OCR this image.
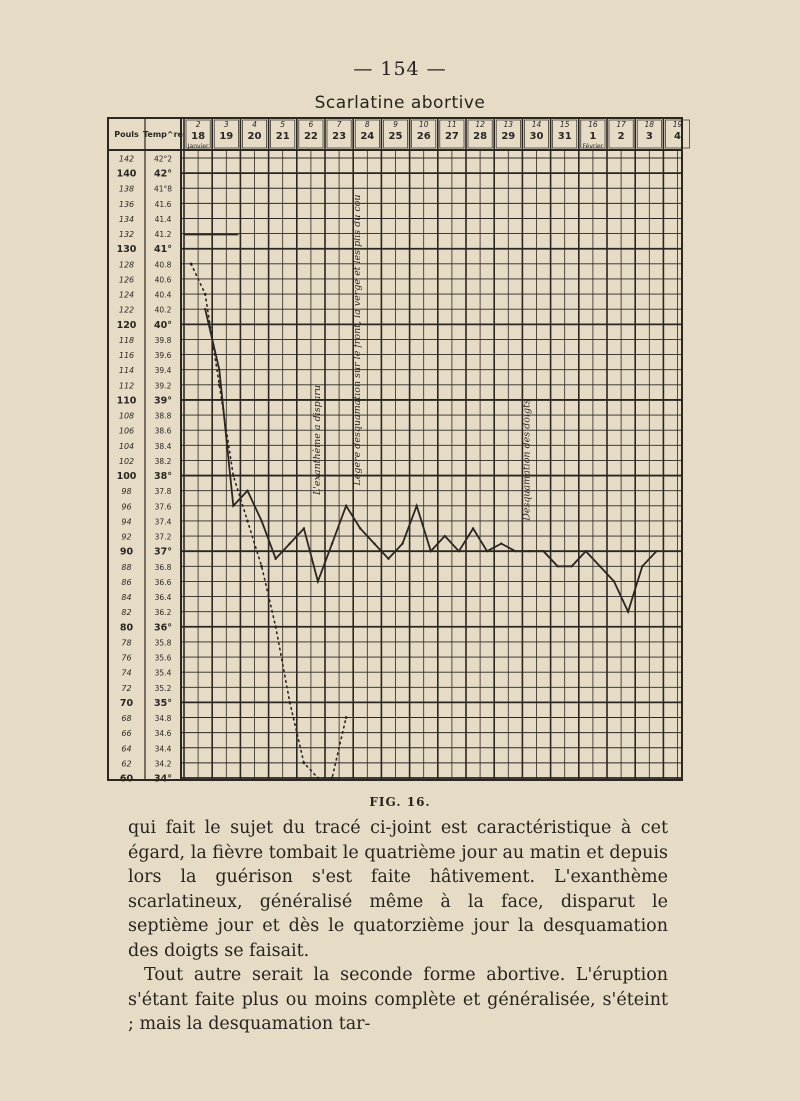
— 154 —
Scarlatine abortive
Pouls Temp^re
2	3	4	5	6	7	8	9	10 11 12 13 14 15 16 17 18 19
18 19 20 21 22 23 24 25 26 27 28 29 30 31 1 2 3 4
Janvier	Février
142
140
138
136
134
132
130
128
126
124
122
120
118
116
114
112
110
108
106
104
102
100
98
96
94
92
90
88
86
84
82
80
78
76
74
72
70
68
66
64
62
60
42°2
42°
41°8
41.6
41.4
41.2
41°
40.8
40.6
40.4
40.2
40°
39.8
39.6
39.4
39.2
39°
38.8
38.6
38.4
38.2
38°
37.8
37.6
37.4
37.2
37°
36.8
36.6
36.4
36.2
36°
35.8
35.6
35.4
35.2
35°
34.8
34.6
34.4
34.2
34°
L'exanthème a disparu	Légère desquamation sur le front, la verge et les plis du cou	Desquamation des doigts
FIG. 16.

qui fait le sujet du tracé ci-joint est caractéristique à cet égard, la fièvre tombait le quatrième jour au matin et depuis lors la guérison s'est faite hâtivement. L'exanthème scarlatineux, généralisé même à la face, disparut le septième jour et dès le quatorzième jour la desquamation des doigts se faisait.

Tout autre serait la seconde forme abortive. L'éruption s'étant faite plus ou moins complète et généralisée, s'éteint ; mais la desquamation tar-
